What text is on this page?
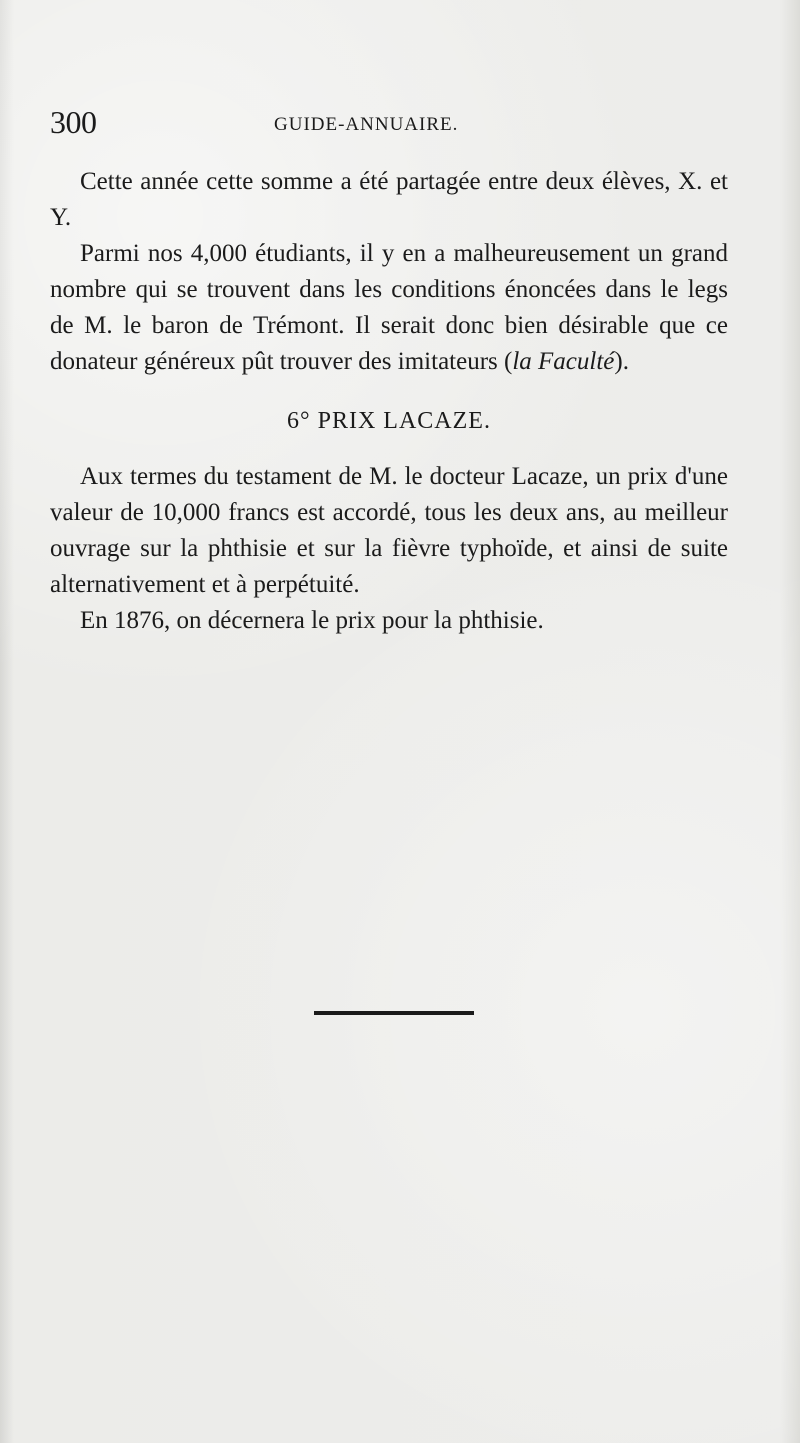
300	GUIDE-ANNUAIRE.

Cette année cette somme a été partagée entre deux élèves, X. et Y.

Parmi nos 4,000 étudiants, il y en a malheureusement un grand nombre qui se trouvent dans les conditions énoncées dans le legs de M. le baron de Trémont. Il serait donc bien désirable que ce donateur généreux pût trouver des imitateurs (la Faculté).

6° PRIX LACAZE.

Aux termes du testament de M. le docteur Lacaze, un prix d'une valeur de 10,000 francs est accordé, tous les deux ans, au meilleur ouvrage sur la phthisie et sur la fièvre typhoïde, et ainsi de suite alternativement et à perpétuité.

En 1876, on décernera le prix pour la phthisie.
